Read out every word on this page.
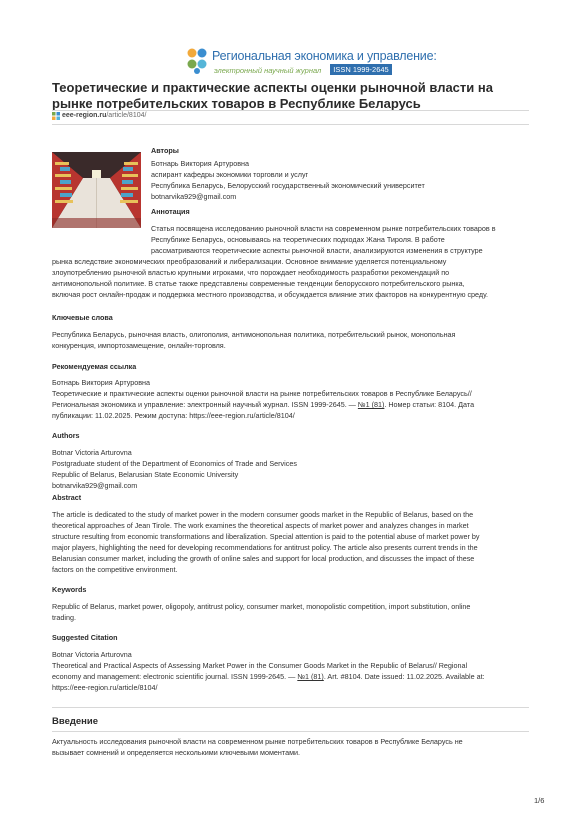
Региональная экономика и управление:
электронный научный журнал	ISSN 1999-2645
Теоретические и практические аспекты оценки рыночной власти на рынке потребительских товаров в Республике Беларусь
eee-region.ru/article/8104/
Авторы
Ботнарь Виктория Артуровна
аспирант кафедры экономики торговли и услуг
Республика Беларусь, Белорусский государственный экономический университет
botnarvika929@gmail.com
Аннотация
Статья посвящена исследованию рыночной власти на современном рынке потребительских товаров в
Республике Беларусь, основываясь на теоретических подходах Жана Тироля. В работе
рассматриваются теоретические аспекты рыночной власти, анализируются изменения в структуре
рынка вследствие экономических преобразований и либерализации. Основное внимание уделяется потенциальному
злоупотреблению рыночной властью крупными игроками, что порождает необходимость разработки рекомендаций по
антимонопольной политике. В статье также представлены современные тенденции белорусского потребительского рынка,
включая рост онлайн-продаж и поддержка местного производства, и обсуждается влияние этих факторов на конкурентную среду.
Ключевые слова
Республика Беларусь, рыночная власть, олигополия, антимонопольная политика, потребительский рынок, монопольная
конкуренция, импортозамещение, онлайн-торговля.
Рекомендуемая ссылка
Ботнарь Виктория Артуровна
Теоретические и практические аспекты оценки рыночной власти на рынке потребительских товаров в Республике Беларусь//
Региональная экономика и управление: электронный научный журнал. ISSN 1999-2645. — №1 (81). Номер статьи: 8104. Дата
публикации: 11.02.2025. Режим доступа: https://eee-region.ru/article/8104/
Authors
Botnar Victoria Arturovna
Postgraduate student of the Department of Economics of Trade and Services
Republic of Belarus, Belarusian State Economic University
botnarvika929@gmail.com
Abstract
The article is dedicated to the study of market power in the modern consumer goods market in the Republic of Belarus, based on the
theoretical approaches of Jean Tirole. The work examines the theoretical aspects of market power and analyzes changes in market
structure resulting from economic transformations and liberalization. Special attention is paid to the potential abuse of market power by
major players, highlighting the need for developing recommendations for antitrust policy. The article also presents current trends in the
Belarusian consumer market, including the growth of online sales and support for local production, and discusses the impact of these
factors on the competitive environment.
Keywords
Republic of Belarus, market power, oligopoly, antitrust policy, consumer market, monopolistic competition, import substitution, online
trading.
Suggested Citation
Botnar Victoria Arturovna
Theoretical and Practical Aspects of Assessing Market Power in the Consumer Goods Market in the Republic of Belarus// Regional
economy and management: electronic scientific journal. ISSN 1999-2645. — №1 (81). Art. #8104. Date issued: 11.02.2025. Available at:
https://eee-region.ru/article/8104/
Введение
Актуальность исследования рыночной власти на современном рынке потребительских товаров в Республике Беларусь не
вызывает сомнений и определяется несколькими ключевыми моментами.
1/6
